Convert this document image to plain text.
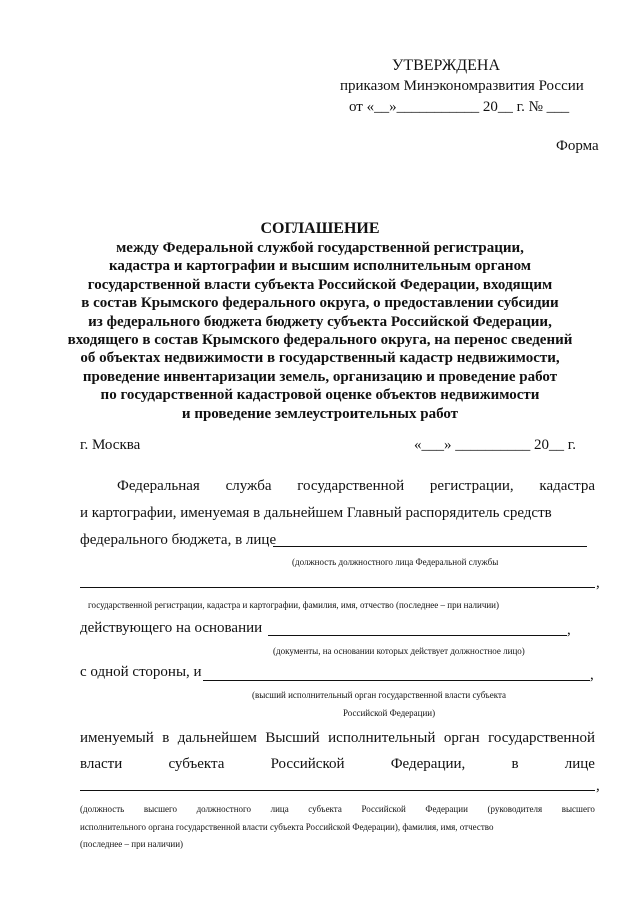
УТВЕРЖДЕНА
приказом Минэкономразвития России
от «__»___________ 20__ г. № ___
Форма
СОГЛАШЕНИЕ
между Федеральной службой государственной регистрации,
кадастра и картографии и высшим исполнительным органом
государственной власти субъекта Российской Федерации, входящим
в состав Крымского федерального округа, о предоставлении субсидии
из федерального бюджета бюджету субъекта Российской Федерации,
входящего в состав Крымского федерального округа, на перенос сведений
об объектах недвижимости в государственный кадастр недвижимости,
проведение инвентаризации земель, организацию и проведение работ
по государственной кадастровой оценке объектов недвижимости
и проведение землеустроительных работ
г. Москва	«___» __________ 20__ г.
Федеральная служба государственной регистрации, кадастра
и картографии, именуемая в дальнейшем Главный распорядитель средств
федерального бюджета, в лице
(должность должностного лица Федеральной службы
,
государственной регистрации, кадастра и картографии, фамилия, имя, отчество (последнее – при наличии)
действующего на основании	,
(документы, на основании которых действует должностное лицо)
с одной стороны, и	,
(высший исполнительный орган государственной власти субъекта
Российской Федерации)
именуемый в дальнейшем Высший исполнительный орган государственной
власти	субъекта	Российской	Федерации,	в	лице
,
(должность высшего должностного лица субъекта Российской Федерации (руководителя высшего
исполнительного органа государственной власти субъекта Российской Федерации), фамилия, имя, отчество
(последнее – при наличии)
